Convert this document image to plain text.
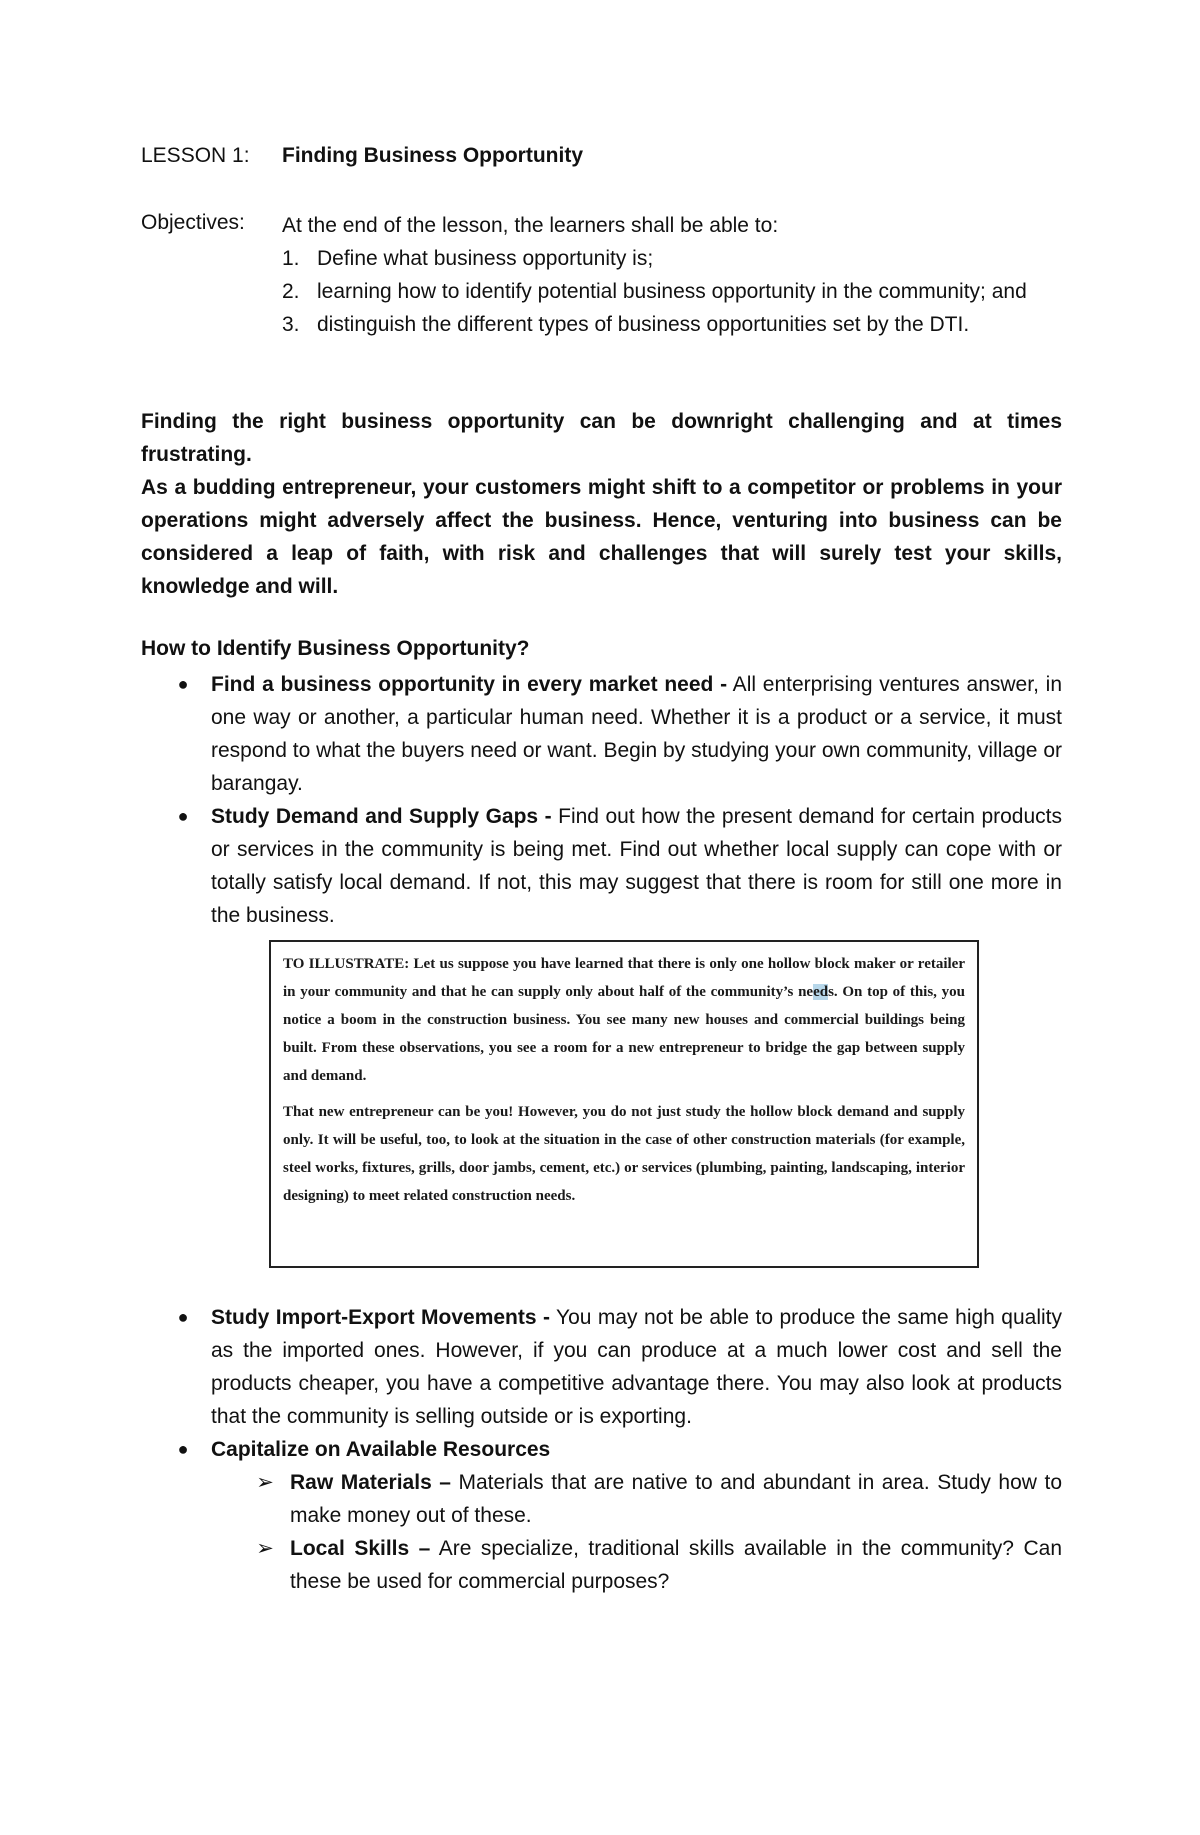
LESSON 1:	Finding Business Opportunity
Objectives: At the end of the lesson, the learners shall be able to:

1. Define what business opportunity is;
2. learning how to identify potential business opportunity in the community; and
3. distinguish the different types of business opportunities set by the DTI.

Finding the right business opportunity can be downright challenging and at times frustrating.

As a budding entrepreneur, your customers might shift to a competitor or problems in your operations might adversely affect the business. Hence, venturing into business can be considered a leap of faith, with risk and challenges that will surely test your skills, knowledge and will.

How to Identify Business Opportunity?

● Find a business opportunity in every market need - All enterprising ventures answer, in one way or another, a particular human need. Whether it is a product or a service, it must respond to what the buyers need or want. Begin by studying your own community, village or barangay.

● Study Demand and Supply Gaps - Find out how the present demand for certain products or services in the community is being met. Find out whether local supply can cope with or totally satisfy local demand. If not, this may suggest that there is room for still one more in the business.

TO ILLUSTRATE: Let us suppose you have learned that there is only one hollow block maker or retailer in your community and that he can supply only about half of the community’s needs. On top of this, you notice a boom in the construction business. You see many new houses and commercial buildings being built. From these observations, you see a room for a new entrepreneur to bridge the gap between supply and demand.

That new entrepreneur can be you! However, you do not just study the hollow block demand and supply only. It will be useful, too, to look at the situation in the case of other construction materials (for example, steel works, fixtures, grills, door jambs, cement, etc.) or services (plumbing, painting, landscaping, interior designing) to meet related construction needs.

● Study Import-Export Movements - You may not be able to produce the same high quality as the imported ones. However, if you can produce at a much lower cost and sell the products cheaper, you have a competitive advantage there. You may also look at products that the community is selling outside or is exporting.

● Capitalize on Available Resources

➢ Raw Materials – Materials that are native to and abundant in area. Study how to make money out of these.

➢ Local Skills – Are specialize, traditional skills available in the community? Can these be used for commercial purposes?
